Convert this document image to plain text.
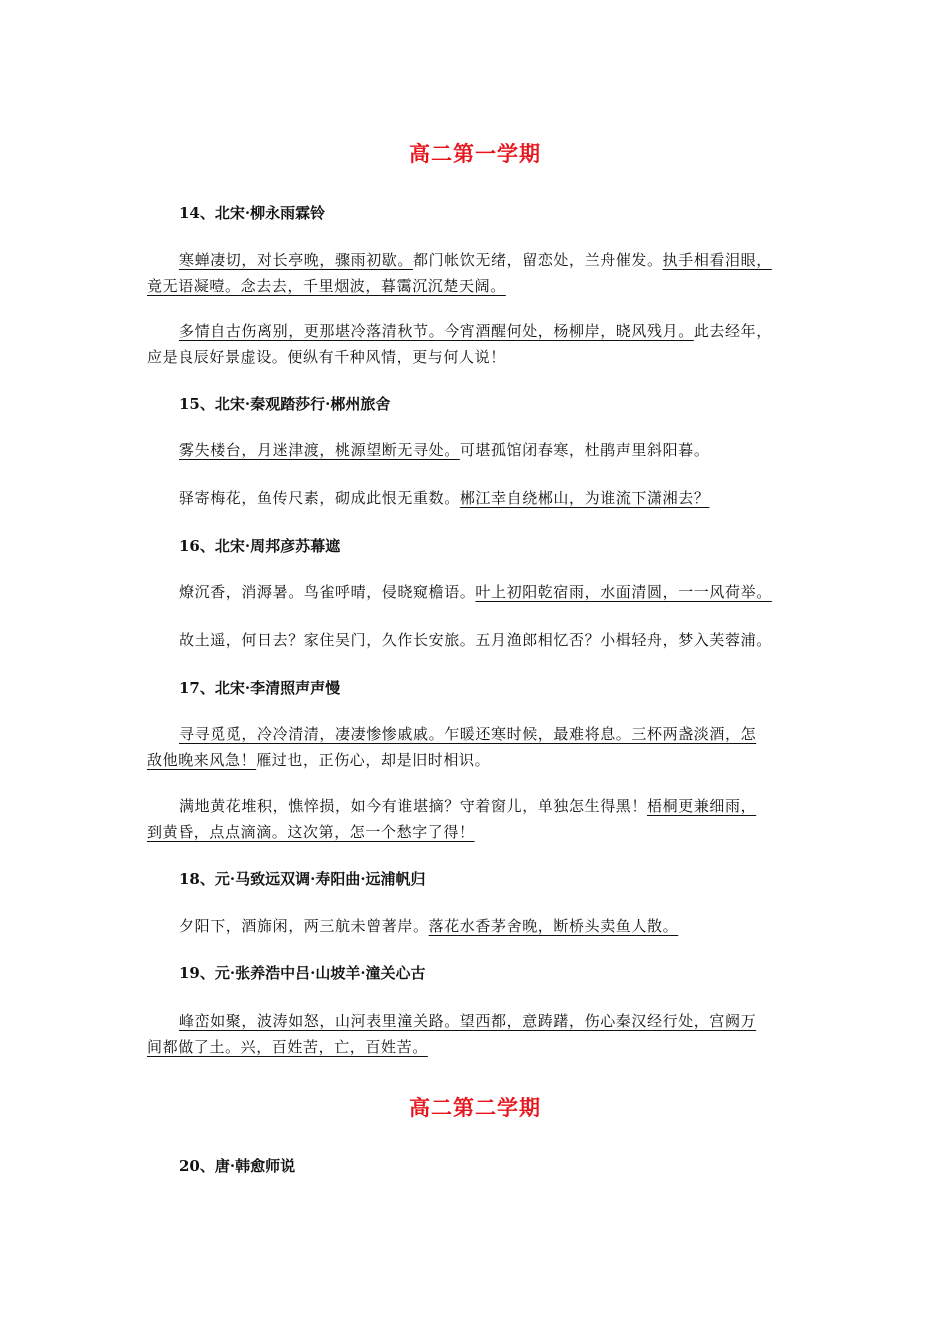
高二第一学期
14、北宋·柳永雨霖铃
寒蝉凄切，对长亭晚，骤雨初歇。都门帐饮无绪，留恋处，兰舟催发。执手相看泪眼，
竟无语凝噎。念去去，千里烟波，暮霭沉沉楚天阔。
多情自古伤离别，更那堪冷落清秋节。今宵酒醒何处，杨柳岸，晓风残月。此去经年，
应是良辰好景虚设。便纵有千种风情，更与何人说！
15、北宋·秦观踏莎行·郴州旅舍
雾失楼台，月迷津渡，桃源望断无寻处。可堪孤馆闭春寒，杜鹃声里斜阳暮。
驿寄梅花，鱼传尺素，砌成此恨无重数。郴江幸自绕郴山，为谁流下潇湘去？
16、北宋·周邦彦苏幕遮
燎沉香，消溽暑。鸟雀呼晴，侵晓窥檐语。叶上初阳乾宿雨，水面清圆，一一风荷举。
故土遥，何日去？家住吴门，久作长安旅。五月渔郎相忆否？小楫轻舟，梦入芙蓉浦。
17、北宋·李清照声声慢
寻寻觅觅，冷冷清清，凄凄惨惨戚戚。乍暖还寒时候，最难将息。三杯两盏淡酒，怎
敌他晚来风急！雁过也，正伤心，却是旧时相识。
满地黄花堆积，憔悴损，如今有谁堪摘？守着窗儿，单独怎生得黑！梧桐更兼细雨，
到黄昏，点点滴滴。这次第，怎一个愁字了得！
18、元·马致远双调·寿阳曲·远浦帆归
夕阳下，酒旆闲，两三航未曾著岸。落花水香茅舍晚，断桥头卖鱼人散。
19、元·张养浩中吕·山坡羊·潼关心古
峰峦如聚，波涛如怒，山河表里潼关路。望西都，意踌躇，伤心秦汉经行处，宫阙万
间都做了土。兴，百姓苦，亡，百姓苦。
高二第二学期
20、唐·韩愈师说
